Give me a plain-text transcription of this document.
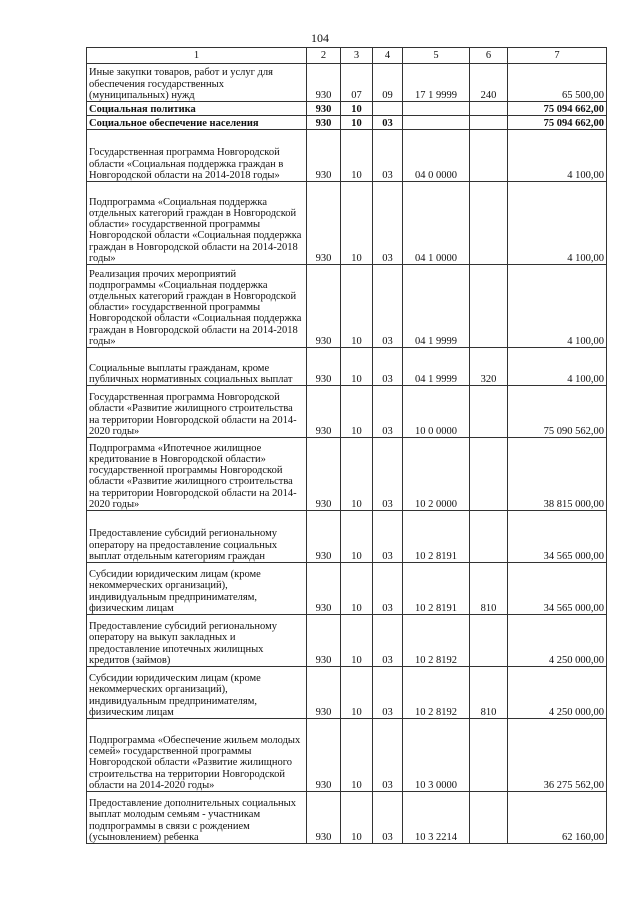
104
1	2	3	4	5	6	7
Иные закупки товаров, работ и услуг для обеспечения государственных (муниципальных) нужд	930	07	09	17 1 9999	240	65 500,00
Социальная политика	930	10				75 094 662,00
Социальное обеспечение населения	930	10	03			75 094 662,00
Государственная программа Новгородской области «Социальная поддержка граждан в Новгородской области на 2014-2018 годы»	930	10	03	04 0 0000		4 100,00
Подпрограмма «Социальная поддержка отдельных категорий граждан в Новгородской области» государственной программы Новгородской области «Социальная поддержка граждан в Новгородской области на 2014-2018 годы»	930	10	03	04 1 0000		4 100,00
Реализация прочих мероприятий подпрограммы «Социальная поддержка отдельных категорий граждан в Новгородской области» государственной программы Новгородской области «Социальная поддержка граждан в Новгородской области на 2014-2018 годы»	930	10	03	04 1 9999		4 100,00
Социальные выплаты гражданам, кроме публичных нормативных социальных выплат	930	10	03	04 1 9999	320	4 100,00
Государственная программа Новгородской области «Развитие жилищного строительства на территории Новгородской области на 2014-2020 годы»	930	10	03	10 0 0000		75 090 562,00
Подпрограмма «Ипотечное жилищное кредитование в Новгородской области» государственной программы Новгородской области «Развитие жилищного строительства на территории Новгородской области на 2014-2020 годы»	930	10	03	10 2 0000		38 815 000,00
Предоставление субсидий региональному оператору на предоставление социальных выплат отдельным категориям граждан	930	10	03	10 2 8191		34 565 000,00
Субсидии юридическим лицам (кроме некоммерческих организаций), индивидуальным предпринимателям, физическим лицам	930	10	03	10 2 8191	810	34 565 000,00
Предоставление субсидий региональному оператору на выкуп закладных и предоставление ипотечных жилищных кредитов (займов)	930	10	03	10 2 8192		4 250 000,00
Субсидии юридическим лицам (кроме некоммерческих организаций), индивидуальным предпринимателям, физическим лицам	930	10	03	10 2 8192	810	4 250 000,00
Подпрограмма «Обеспечение жильем молодых семей» государственной программы Новгородской области «Развитие жилищного строительства на территории Новгородской области на 2014-2020 годы»	930	10	03	10 3 0000		36 275 562,00
Предоставление дополнительных социальных выплат молодым семьям - участникам подпрограммы в связи с рождением (усыновлением) ребенка	930	10	03	10 3 2214		62 160,00
